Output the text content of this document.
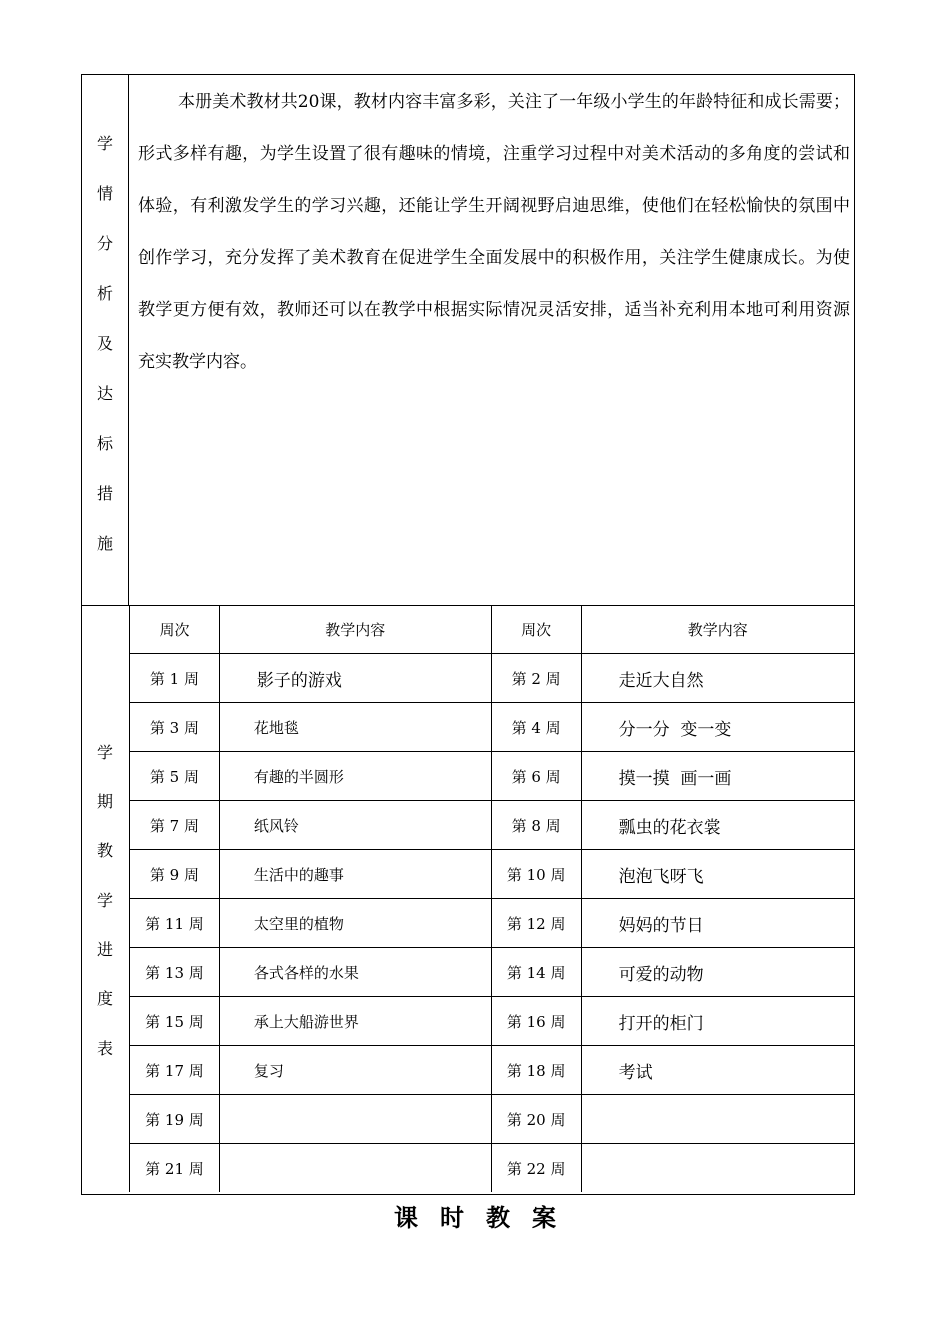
学
情
分
析
及
达
标
措
施
本册美术教材共20课，教材内容丰富多彩，关注了一年级小学生的年龄特征和成长需要；形式多样有趣，为学生设置了很有趣味的情境，注重学习过程中对美术活动的多角度的尝试和体验，有利激发学生的学习兴趣，还能让学生开阔视野启迪思维，使他们在轻松愉快的氛围中创作学习，充分发挥了美术教育在促进学生全面发展中的积极作用，关注学生健康成长。为使教学更方便有效，教师还可以在教学中根据实际情况灵活安排，适当补充利用本地可利用资源充实教学内容。
学
期
教
学
进
度
表
周次	教学内容	周次	教学内容
第 1 周	影子的游戏	第 2 周	走近大自然
第 3 周	花地毯	第 4 周	分一分  变一变
第 5 周	有趣的半圆形	第 6 周	摸一摸  画一画
第 7 周	纸风铃	第 8 周	瓢虫的花衣裳
第 9 周	生活中的趣事	第 10 周	泡泡飞呀飞
第 11 周	太空里的植物	第 12 周	妈妈的节日
第 13 周	各式各样的水果	第 14 周	可爱的动物
第 15 周	承上大船游世界	第 16 周	打开的柜门
第 17 周	复习	第 18 周	考试
第 19 周		第 20 周	
第 21 周		第 22 周	
课时教案
